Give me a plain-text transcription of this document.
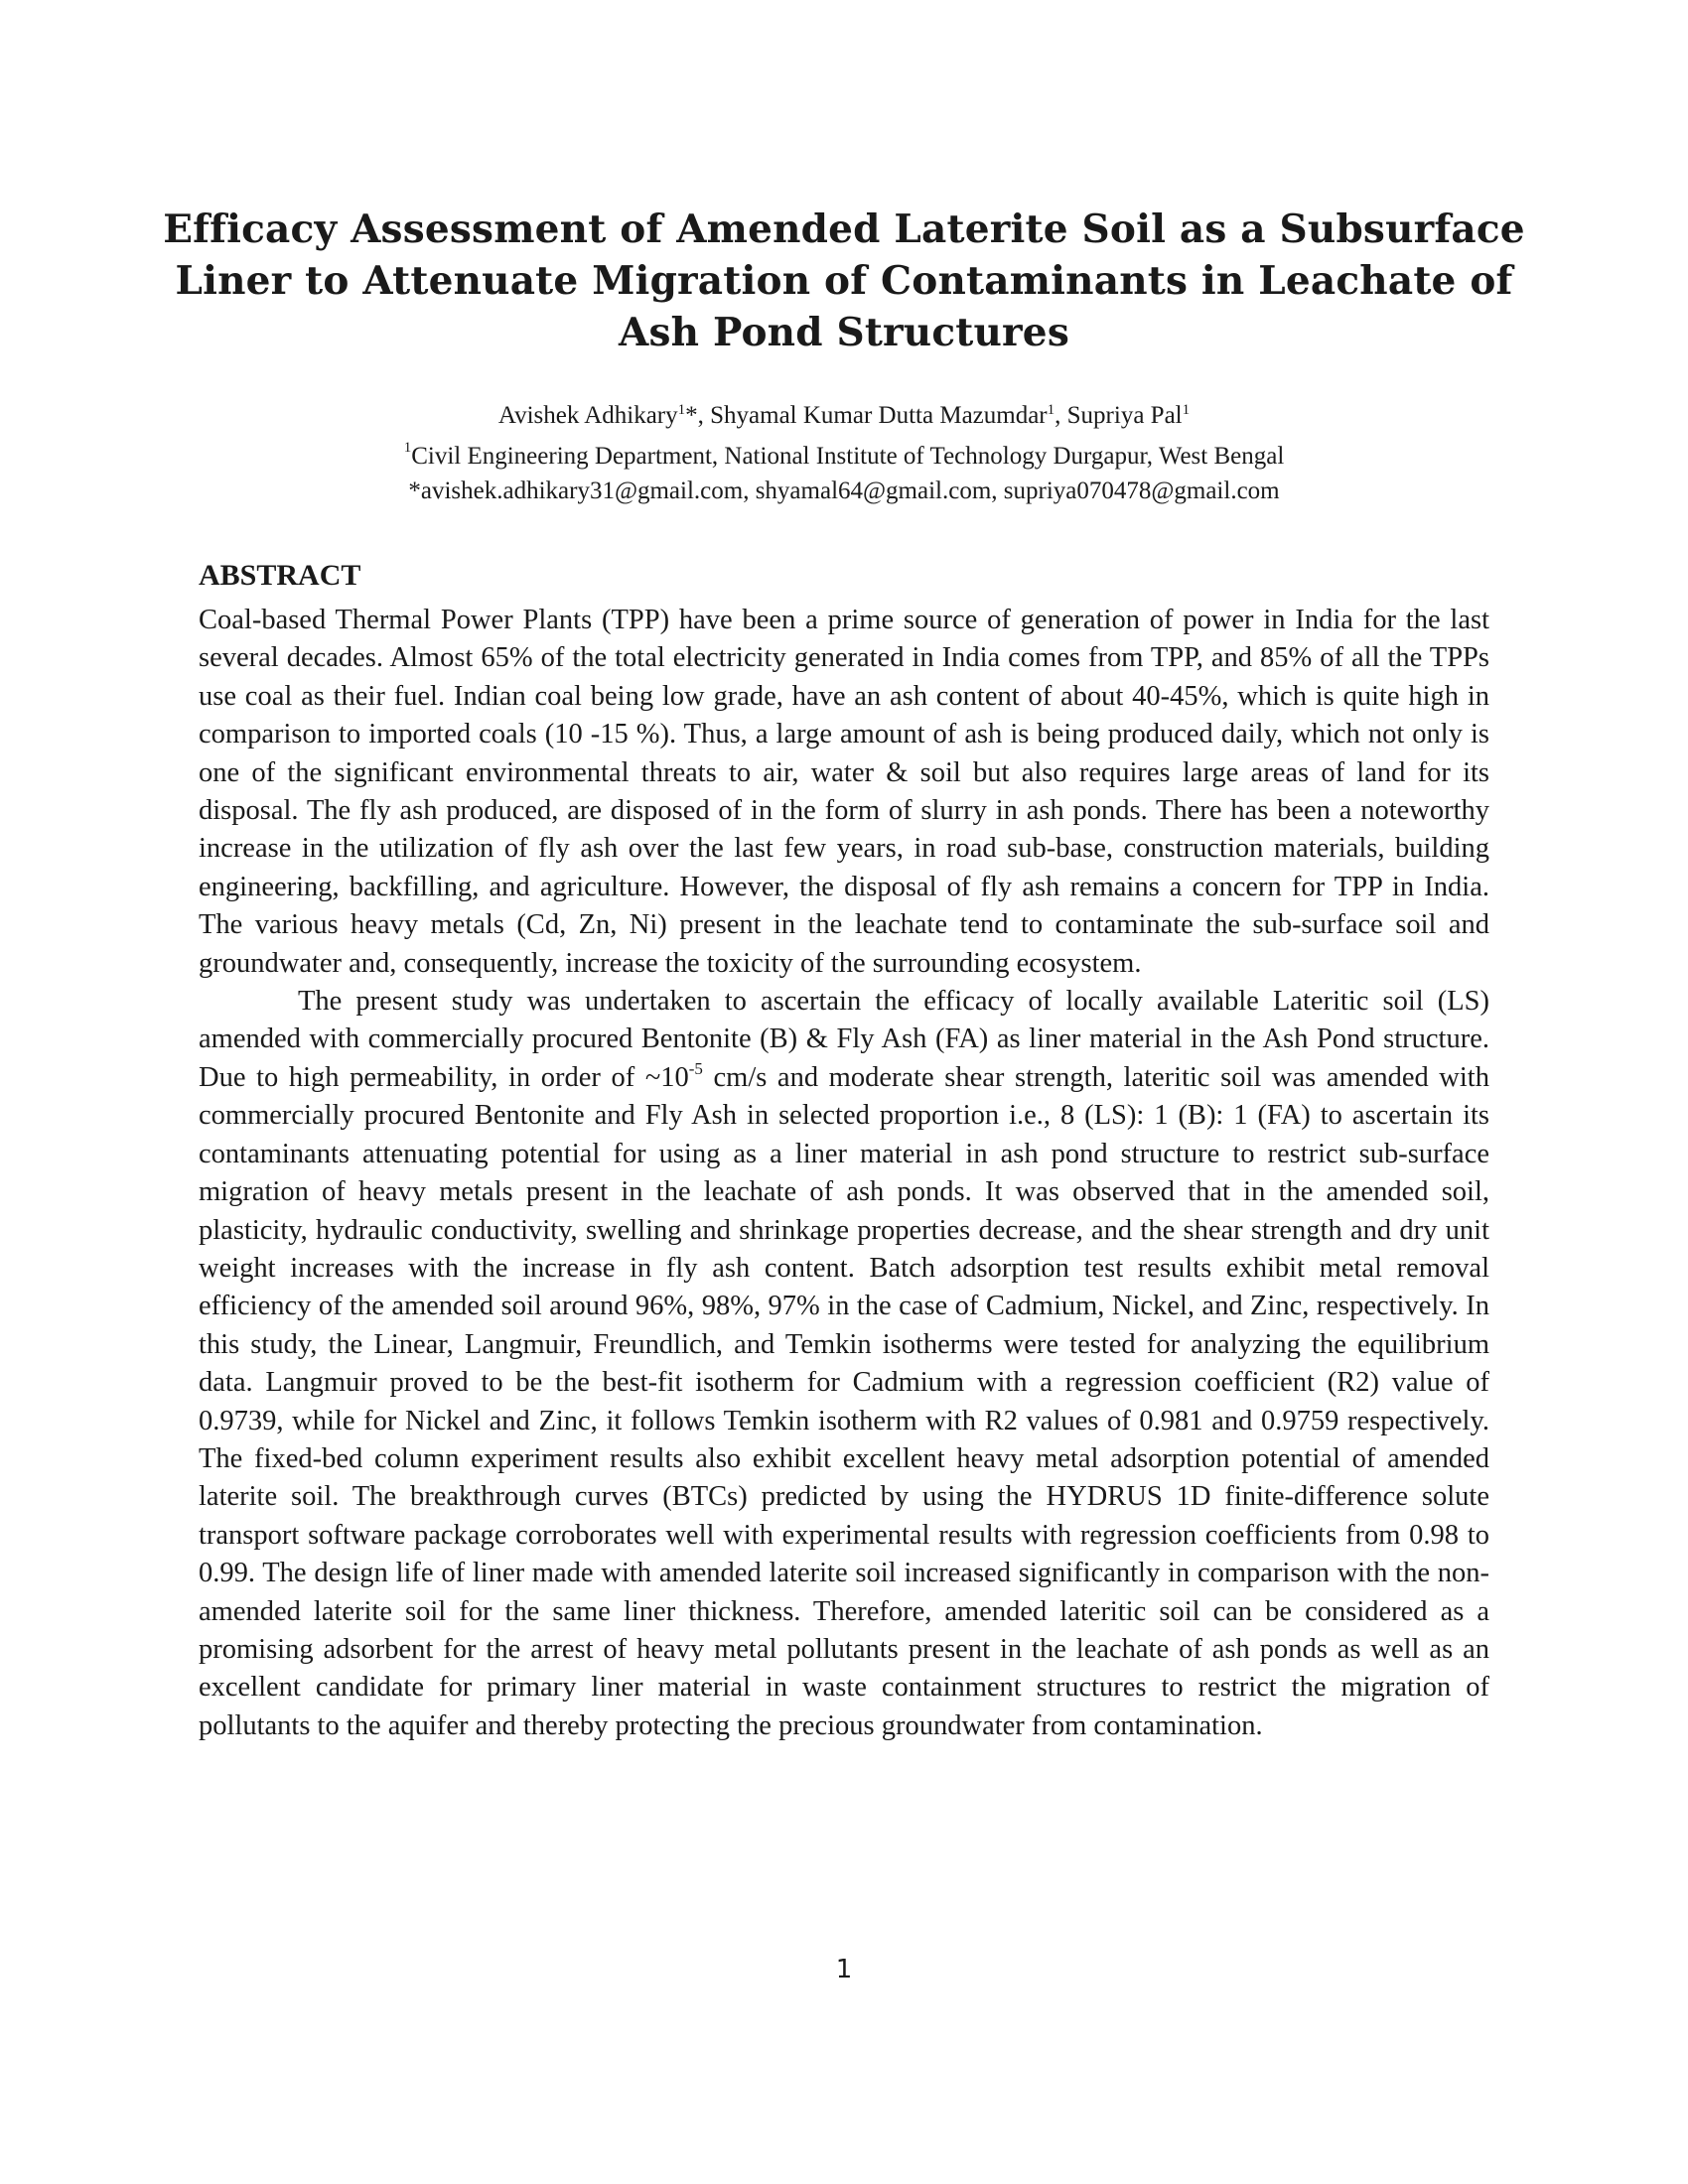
Efficacy Assessment of Amended Laterite Soil as a Subsurface
Liner to Attenuate Migration of Contaminants in Leachate of
Ash Pond Structures
Avishek Adhikary$^1$*, Shyamal Kumar Dutta Mazumdar$^1$, Supriya Pal$^1$
$^1$Civil Engineering Department, National Institute of Technology Durgapur, West Bengal
*avishek.adhikary31@gmail.com, shyamal64@gmail.com, supriya070478@gmail.com
ABSTRACT

Coal-based Thermal Power Plants (TPP) have been a prime source of generation of power in India for the last several decades. Almost 65% of the total electricity generated in India comes from TPP, and 85% of all the TPPs use coal as their fuel. Indian coal being low grade, have an ash content of about 40-45%, which is quite high in comparison to imported coals (10 -15 %). Thus, a large amount of ash is being produced daily, which not only is one of the significant environmental threats to air, water & soil but also requires large areas of land for its disposal. The fly ash produced, are disposed of in the form of slurry in ash ponds. There has been a noteworthy increase in the utilization of fly ash over the last few years, in road sub-base, construction materials, building engineering, backfilling, and agriculture. However, the disposal of fly ash remains a concern for TPP in India. The various heavy metals (Cd, Zn, Ni) present in the leachate tend to contaminate the sub-surface soil and groundwater and, consequently, increase the toxicity of the surrounding ecosystem.

The present study was undertaken to ascertain the efficacy of locally available Lateritic soil (LS) amended with commercially procured Bentonite (B) & Fly Ash (FA) as liner material in the Ash Pond structure. Due to high permeability, in order of $\sim 10^{-5}$ cm/s and moderate shear strength, lateritic soil was amended with commercially procured Bentonite and Fly Ash in selected proportion i.e., 8 (LS): 1 (B): 1 (FA) to ascertain its contaminants attenuating potential for using as a liner material in ash pond structure to restrict sub-surface migration of heavy metals present in the leachate of ash ponds. It was observed that in the amended soil, plasticity, hydraulic conductivity, swelling and shrinkage properties decrease, and the shear strength and dry unit weight increases with the increase in fly ash content. Batch adsorption test results exhibit metal removal efficiency of the amended soil around 96%, 98%, 97% in the case of Cadmium, Nickel, and Zinc, respectively. In this study, the Linear, Langmuir, Freundlich, and Temkin isotherms were tested for analyzing the equilibrium data. Langmuir proved to be the best-fit isotherm for Cadmium with a regression coefficient (R2) value of 0.9739, while for Nickel and Zinc, it follows Temkin isotherm with R2 values of 0.981 and 0.9759 respectively. The fixed-bed column experiment results also exhibit excellent heavy metal adsorption potential of amended laterite soil. The breakthrough curves (BTCs) predicted by using the HYDRUS 1D finite-difference solute transport software package corroborates well with experimental results with regression coefficients from 0.98 to 0.99. The design life of liner made with amended laterite soil increased significantly in comparison with the non-amended laterite soil for the same liner thickness. Therefore, amended lateritic soil can be considered as a promising adsorbent for the arrest of heavy metal pollutants present in the leachate of ash ponds as well as an excellent candidate for primary liner material in waste containment structures to restrict the migration of pollutants to the aquifer and thereby protecting the precious groundwater from contamination.

1
